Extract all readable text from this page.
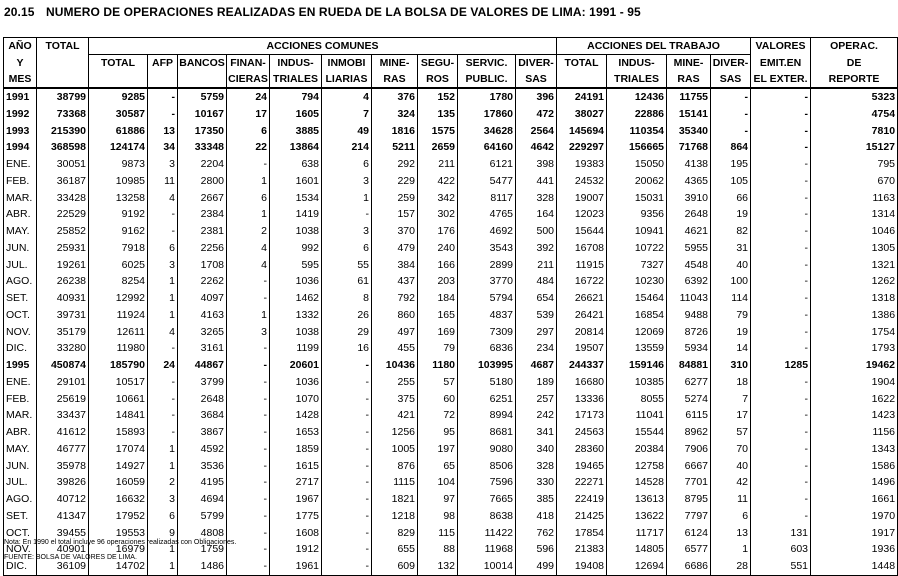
20.15 NUMERO DE OPERACIONES REALIZADAS EN RUEDA DE LA BOLSA DE VALORES DE LIMA: 1991 - 95
AÑO	TOTAL	ACCIONES COMUNES										ACCIONES DEL TRABAJO				VALORES	OPERAC.
Y		TOTAL	AFP	BANCOS	FINAN-	INDUS-	INMOBI	MINE-	SEGU-	SERVIC.	DIVER-	TOTAL	INDUS-	MINE-	DIVER-	EMIT.EN	DE
MES					CIERAS	TRIALES	LIARIAS	RAS	ROS	PUBLIC.	SAS		TRIALES	RAS	SAS	EL EXTER.	REPORTE
1991	38799	9285	-	5759	24	794	4	376	152	1780	396	24191	12436	11755	-	-	5323
1992	73368	30587	-	10167	17	1605	7	324	135	17860	472	38027	22886	15141	-	-	4754
1993	215390	61886	13	17350	6	3885	49	1816	1575	34628	2564	145694	110354	35340	-	-	7810
1994	368598	124174	34	33348	22	13864	214	5211	2659	64160	4642	229297	156665	71768	864	-	15127
ENE.	30051	9873	3	2204	-	638	6	292	211	6121	398	19383	15050	4138	195	-	795
FEB.	36187	10985	11	2800	1	1601	3	229	422	5477	441	24532	20062	4365	105	-	670
MAR.	33428	13258	4	2667	6	1534	1	259	342	8117	328	19007	15031	3910	66	-	1163
ABR.	22529	9192	-	2384	1	1419	-	157	302	4765	164	12023	9356	2648	19	-	1314
MAY.	25852	9162	-	2381	2	1038	3	370	176	4692	500	15644	10941	4621	82	-	1046
JUN.	25931	7918	6	2256	4	992	6	479	240	3543	392	16708	10722	5955	31	-	1305
JUL.	19261	6025	3	1708	4	595	55	384	166	2899	211	11915	7327	4548	40	-	1321
AGO.	26238	8254	1	2262	-	1036	61	437	203	3770	484	16722	10230	6392	100	-	1262
SET.	40931	12992	1	4097	-	1462	8	792	184	5794	654	26621	15464	11043	114	-	1318
OCT.	39731	11924	1	4163	1	1332	26	860	165	4837	539	26421	16854	9488	79	-	1386
NOV.	35179	12611	4	3265	3	1038	29	497	169	7309	297	20814	12069	8726	19	-	1754
DIC.	33280	11980	-	3161	-	1199	16	455	79	6836	234	19507	13559	5934	14	-	1793
1995	450874	185790	24	44867	-	20601	-	10436	1180	103995	4687	244337	159146	84881	310	1285	19462
ENE.	29101	10517	-	3799	-	1036	-	255	57	5180	189	16680	10385	6277	18	-	1904
FEB.	25619	10661	-	2648	-	1070	-	375	60	6251	257	13336	8055	5274	7	-	1622
MAR.	33437	14841	-	3684	-	1428	-	421	72	8994	242	17173	11041	6115	17	-	1423
ABR.	41612	15893	-	3867	-	1653	-	1256	95	8681	341	24563	15544	8962	57	-	1156
MAY.	46777	17074	1	4592	-	1859	-	1005	197	9080	340	28360	20384	7906	70	-	1343
JUN.	35978	14927	1	3536	-	1615	-	876	65	8506	328	19465	12758	6667	40	-	1586
JUL.	39826	16059	2	4195	-	2717	-	1115	104	7596	330	22271	14528	7701	42	-	1496
AGO.	40712	16632	3	4694	-	1967	-	1821	97	7665	385	22419	13613	8795	11	-	1661
SET.	41347	17952	6	5799	-	1775	-	1218	98	8638	418	21425	13622	7797	6	-	1970
OCT.	39455	19553	9	4808	-	1608	-	829	115	11422	762	17854	11717	6124	13	131	1917
NOV.	40901	16979	1	1759	-	1912	-	655	88	11968	596	21383	14805	6577	1	603	1936
DIC.	36109	14702	1	1486	-	1961	-	609	132	10014	499	19408	12694	6686	28	551	1448
Nota: En 1990 el total incluye 96 operaciones realizadas con Obligaciones.
FUENTE: BOLSA DE VALORES DE LIMA.
